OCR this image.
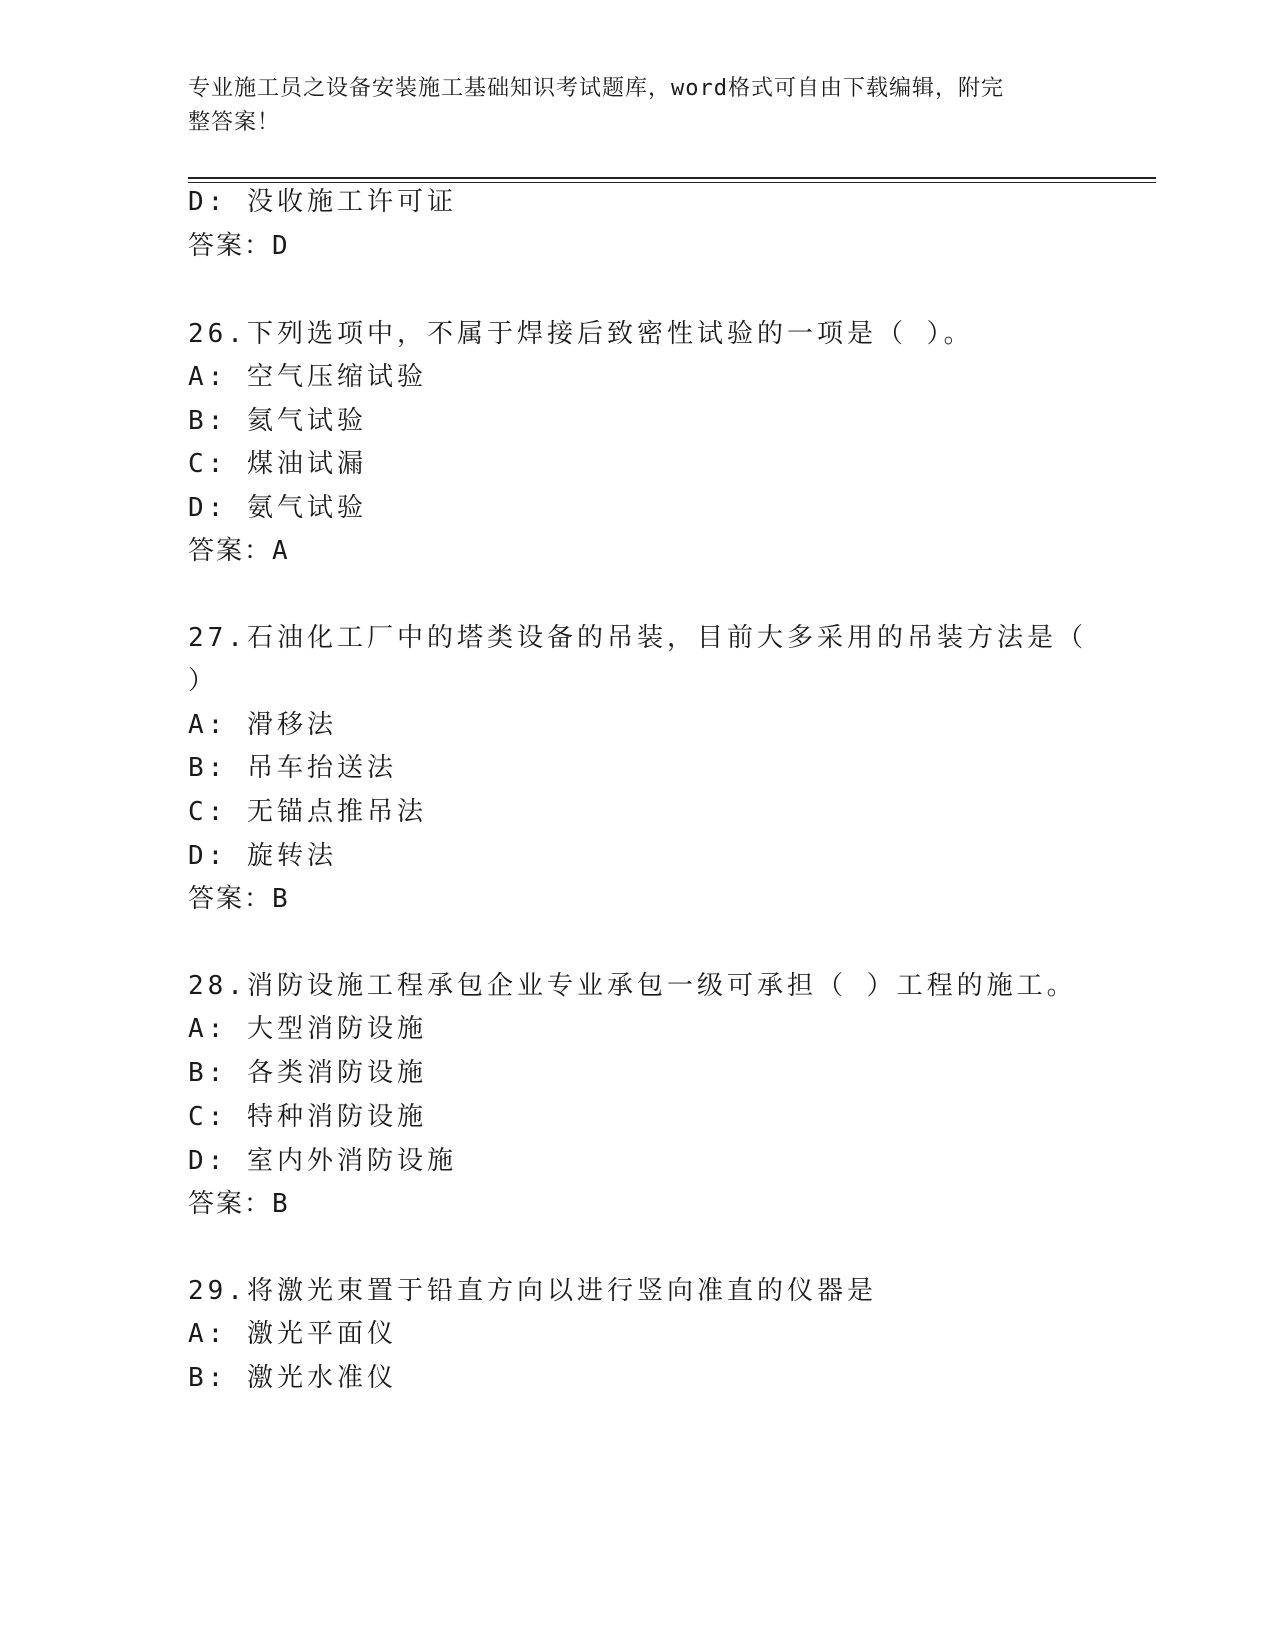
专业施工员之设备安装施工基础知识考试题库，word格式可自由下载编辑，附完
整答案！
D: 没收施工许可证
答案：D
26.下列选项中，不属于焊接后致密性试验的一项是（ ）。
A: 空气压缩试验
B: 氦气试验
C: 煤油试漏
D: 氨气试验
答案：A
27.石油化工厂中的塔类设备的吊装，目前大多采用的吊装方法是（
）
A: 滑移法
B: 吊车抬送法
C: 无锚点推吊法
D: 旋转法
答案：B
28.消防设施工程承包企业专业承包一级可承担（ ）工程的施工。
A: 大型消防设施
B: 各类消防设施
C: 特种消防设施
D: 室内外消防设施
答案：B
29.将激光束置于铅直方向以进行竖向准直的仪器是
A: 激光平面仪
B: 激光水准仪
